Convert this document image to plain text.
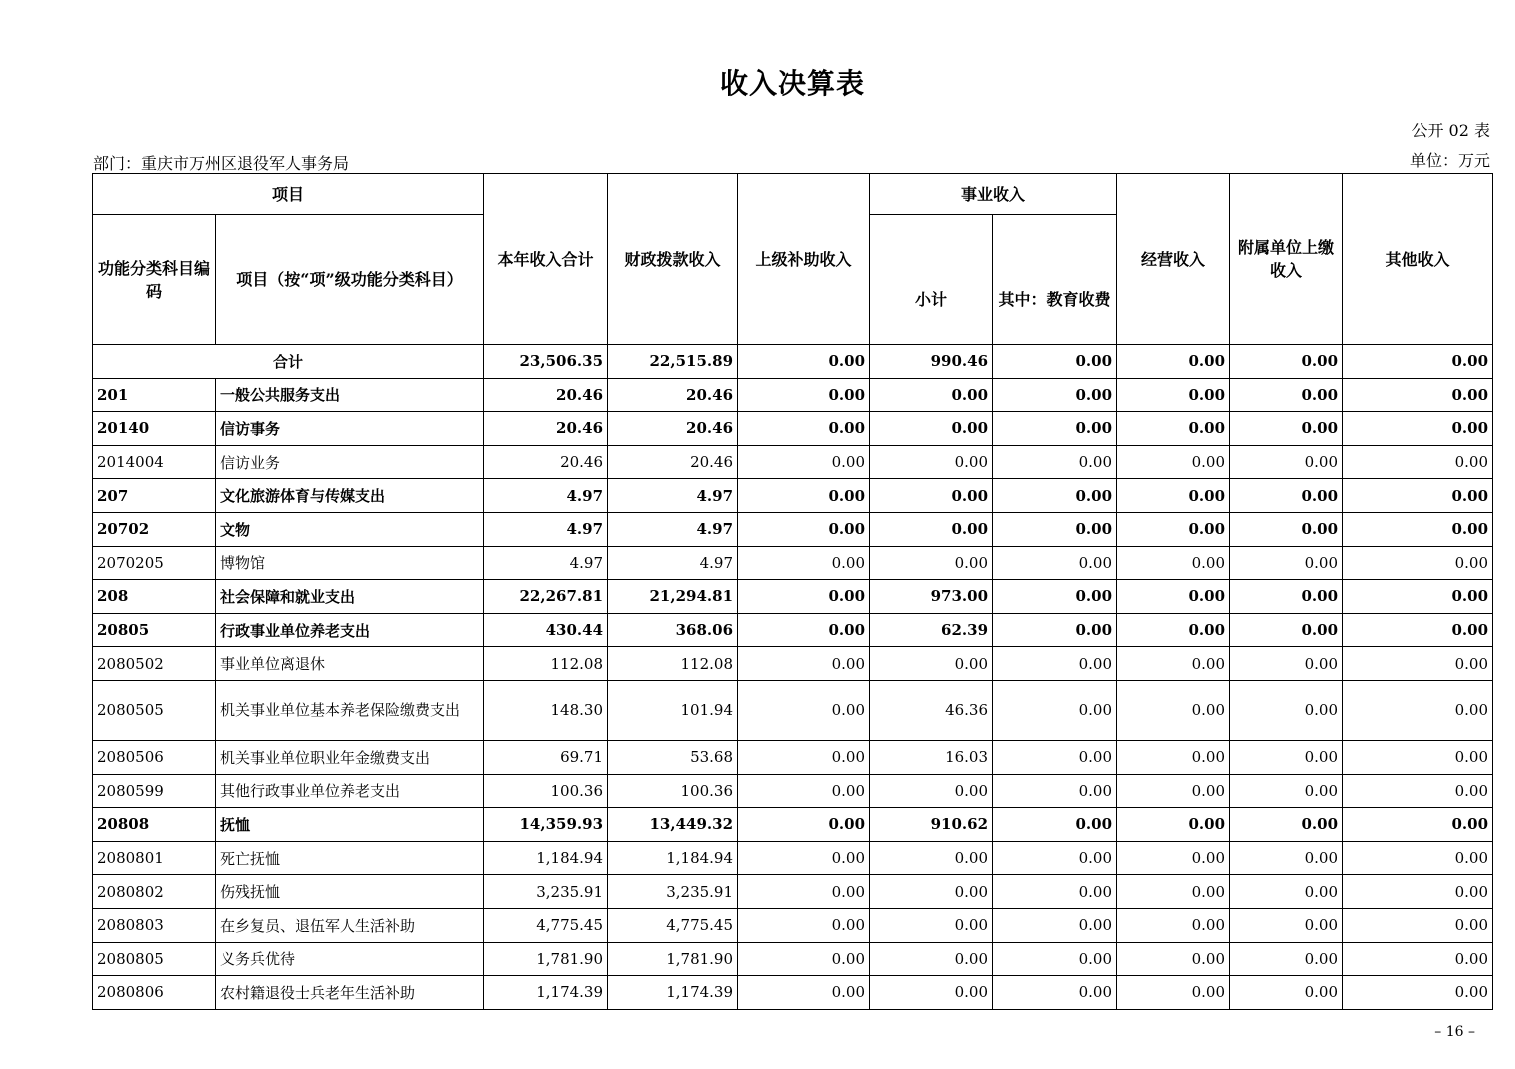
收入决算表
公开 02 表
部门：重庆市万州区退役军人事务局	单位：万元
项目		本年收入合计	财政拨款收入	上级补助收入	事业收入		经营收入	附属单位上缴收入	其他收入
功能分类科目编码	项目（按“项”级功能分类科目）				小计	其中：教育收费			
合计		23,506.35	22,515.89	0.00	990.46	0.00	0.00	0.00	0.00
201	一般公共服务支出	20.46	20.46	0.00	0.00	0.00	0.00	0.00	0.00
20140	信访事务	20.46	20.46	0.00	0.00	0.00	0.00	0.00	0.00
2014004	信访业务	20.46	20.46	0.00	0.00	0.00	0.00	0.00	0.00
207	文化旅游体育与传媒支出	4.97	4.97	0.00	0.00	0.00	0.00	0.00	0.00
20702	文物	4.97	4.97	0.00	0.00	0.00	0.00	0.00	0.00
2070205	博物馆	4.97	4.97	0.00	0.00	0.00	0.00	0.00	0.00
208	社会保障和就业支出	22,267.81	21,294.81	0.00	973.00	0.00	0.00	0.00	0.00
20805	行政事业单位养老支出	430.44	368.06	0.00	62.39	0.00	0.00	0.00	0.00
2080502	事业单位离退休	112.08	112.08	0.00	0.00	0.00	0.00	0.00	0.00
2080505	机关事业单位基本养老保险缴费支出	148.30	101.94	0.00	46.36	0.00	0.00	0.00	0.00
2080506	机关事业单位职业年金缴费支出	69.71	53.68	0.00	16.03	0.00	0.00	0.00	0.00
2080599	其他行政事业单位养老支出	100.36	100.36	0.00	0.00	0.00	0.00	0.00	0.00
20808	抚恤	14,359.93	13,449.32	0.00	910.62	0.00	0.00	0.00	0.00
2080801	死亡抚恤	1,184.94	1,184.94	0.00	0.00	0.00	0.00	0.00	0.00
2080802	伤残抚恤	3,235.91	3,235.91	0.00	0.00	0.00	0.00	0.00	0.00
2080803	在乡复员、退伍军人生活补助	4,775.45	4,775.45	0.00	0.00	0.00	0.00	0.00	0.00
2080805	义务兵优待	1,781.90	1,781.90	0.00	0.00	0.00	0.00	0.00	0.00
2080806	农村籍退役士兵老年生活补助	1,174.39	1,174.39	0.00	0.00	0.00	0.00	0.00	0.00
– 16 –
